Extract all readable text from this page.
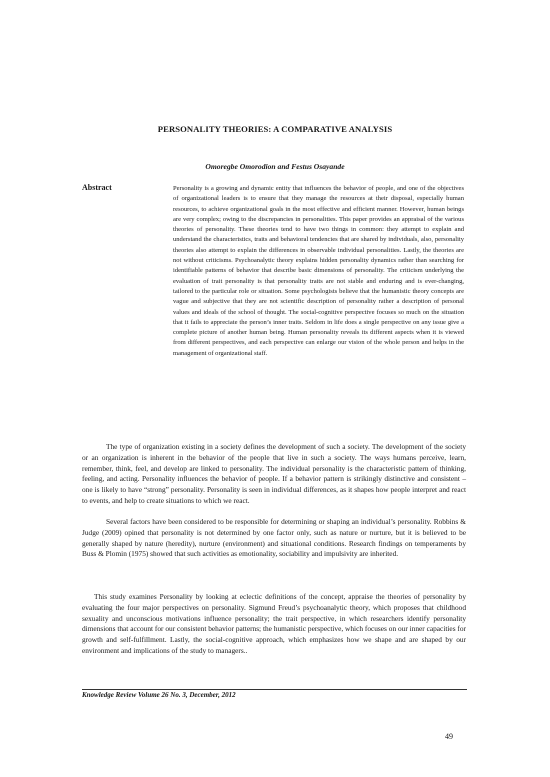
PERSONALITY THEORIES: A COMPARATIVE ANALYSIS
Omoregbe Omorodion and Festus Osayande
Abstract	Personality is a growing and dynamic entity that influences the behavior of people, and one of the objectives of organizational leaders is to ensure that they manage the resources at their disposal, especially human resources, to achieve organizational goals in the most effective and efficient manner. However, human beings are very complex; owing to the discrepancies in personalities. This paper provides an appraisal of the various theories of personality. These theories tend to have two things in common: they attempt to explain and understand the characteristics, traits and behavioral tendencies that are shared by individuals, also, personality theories also attempt to explain the differences in observable individual personalities. Lastly, the theories are not without criticisms. Psychoanalytic theory explains hidden personality dynamics rather than searching for identifiable patterns of behavior that describe basic dimensions of personality. The criticism underlying the evaluation of trait personality is that personality traits are not stable and enduring and is ever-changing, tailored to the particular role or situation. Some psychologists believe that the humanistic theory concepts are vague and subjective that they are not scientific description of personality rather a description of personal values and ideals of the school of thought. The social-cognitive perspective focuses so much on the situation that it fails to appreciate the person’s inner traits. Seldom in life does a single perspective on any issue give a complete picture of another human being. Human personality reveals its different aspects when it is viewed from different perspectives, and each perspective can enlarge our vision of the whole person and helps in the management of organizational staff.

The type of organization existing in a society defines the development of such a society. The development of the society or an organization is inherent in the behavior of the people that live in such a society. The ways humans perceive, learn, remember, think, feel, and develop are linked to personality. The individual personality is the characteristic pattern of thinking, feeling, and acting. Personality influences the behavior of people. If a behavior pattern is strikingly distinctive and consistent – one is likely to have “strong” personality. Personality is seen in individual differences, as it shapes how people interpret and react to events, and help to create situations to which we react.

Several factors have been considered to be responsible for determining or shaping an individual’s personality. Robbins & Judge (2009) opined that personality is not determined by one factor only, such as nature or nurture, but it is believed to be generally shaped by nature (heredity), nurture (environment) and situational conditions. Research findings on temperaments by Buss & Plomin (1975) showed that such activities as emotionality, sociability and impulsivity are inherited.

This study examines Personality by looking at eclectic definitions of the concept, appraise the theories of personality by evaluating the four major perspectives on personality. Sigmund Freud’s psychoanalytic theory, which proposes that childhood sexuality and unconscious motivations influence personality; the trait perspective, in which researchers identify personality dimensions that account for our consistent behavior patterns; the humanistic perspective, which focuses on our inner capacities for growth and self-fulfillment. Lastly, the social-cognitive approach, which emphasizes how we shape and are shaped by our environment and implications of the study to managers..

Knowledge Review Volume 26 No. 3, December, 2012
49
